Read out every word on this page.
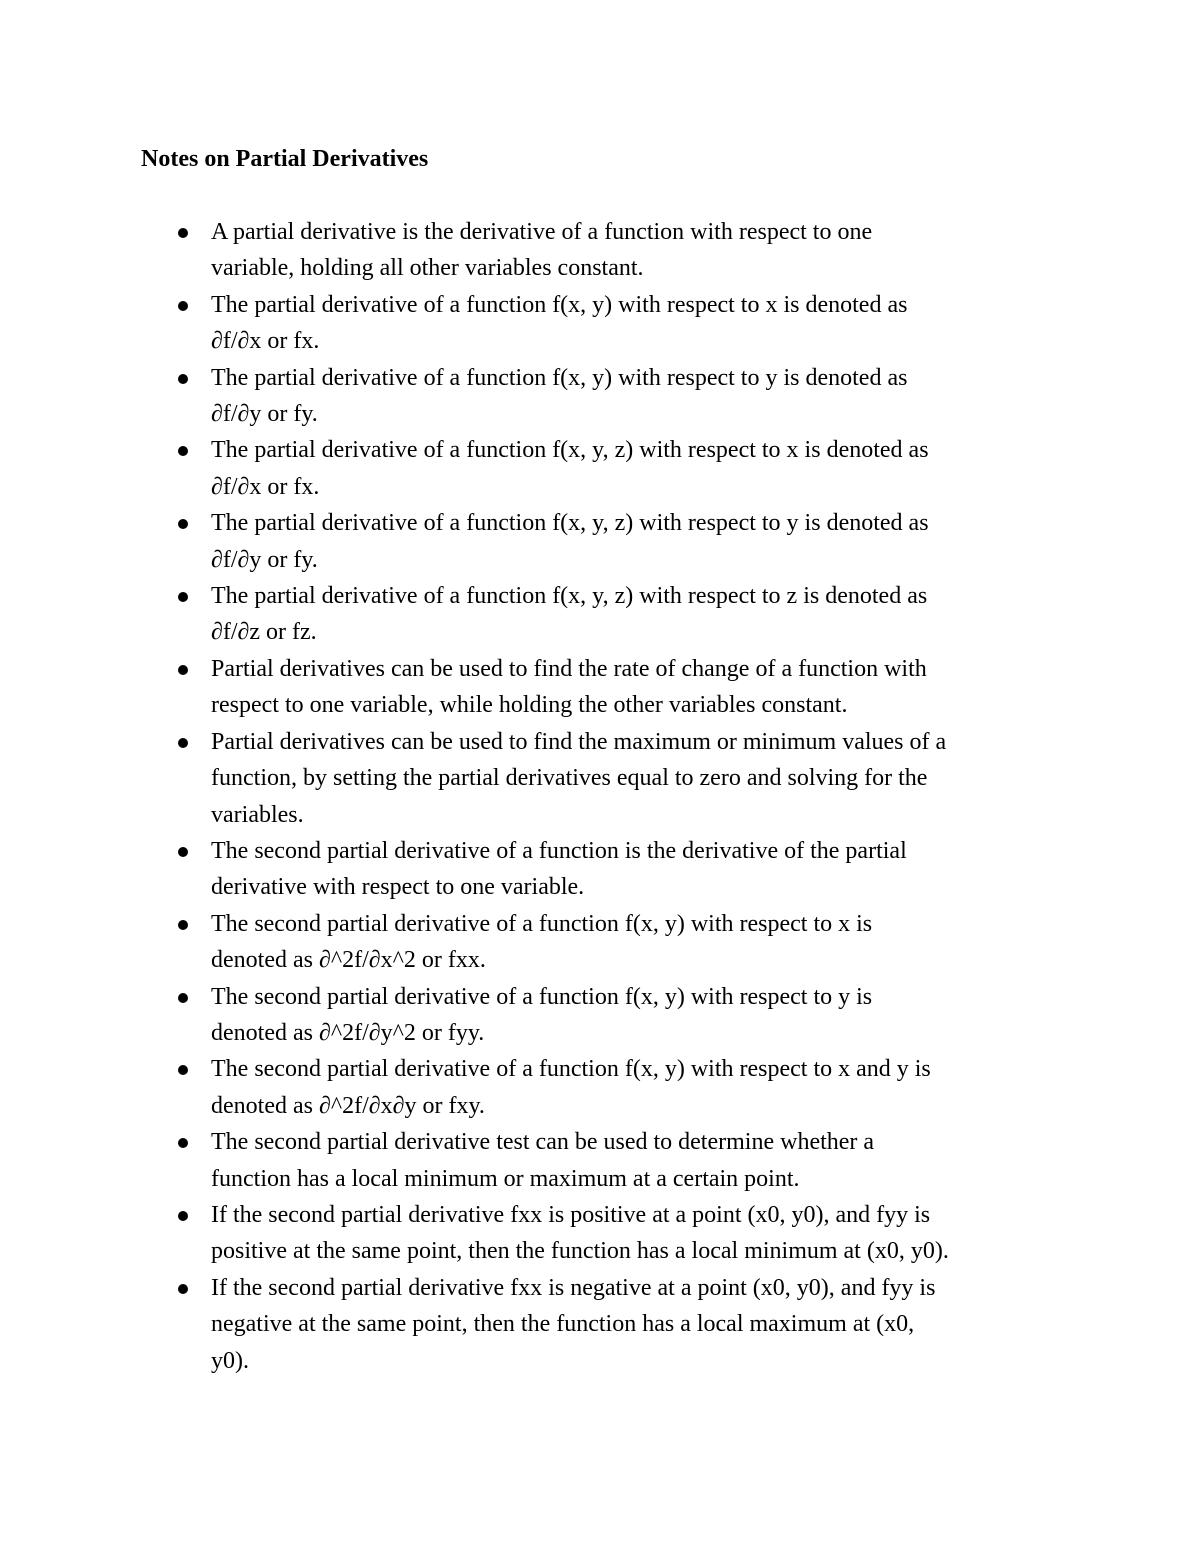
Notes on Partial Derivatives
A partial derivative is the derivative of a function with respect to one
variable, holding all other variables constant.
The partial derivative of a function f(x, y) with respect to x is denoted as
∂f/∂x or fx.
The partial derivative of a function f(x, y) with respect to y is denoted as
∂f/∂y or fy.
The partial derivative of a function f(x, y, z) with respect to x is denoted as
∂f/∂x or fx.
The partial derivative of a function f(x, y, z) with respect to y is denoted as
∂f/∂y or fy.
The partial derivative of a function f(x, y, z) with respect to z is denoted as
∂f/∂z or fz.
Partial derivatives can be used to find the rate of change of a function with
respect to one variable, while holding the other variables constant.
Partial derivatives can be used to find the maximum or minimum values of a
function, by setting the partial derivatives equal to zero and solving for the
variables.
The second partial derivative of a function is the derivative of the partial
derivative with respect to one variable.
The second partial derivative of a function f(x, y) with respect to x is
denoted as ∂^2f/∂x^2 or fxx.
The second partial derivative of a function f(x, y) with respect to y is
denoted as ∂^2f/∂y^2 or fyy.
The second partial derivative of a function f(x, y) with respect to x and y is
denoted as ∂^2f/∂x∂y or fxy.
The second partial derivative test can be used to determine whether a
function has a local minimum or maximum at a certain point.
If the second partial derivative fxx is positive at a point (x0, y0), and fyy is
positive at the same point, then the function has a local minimum at (x0, y0).
If the second partial derivative fxx is negative at a point (x0, y0), and fyy is
negative at the same point, then the function has a local maximum at (x0,
y0).
